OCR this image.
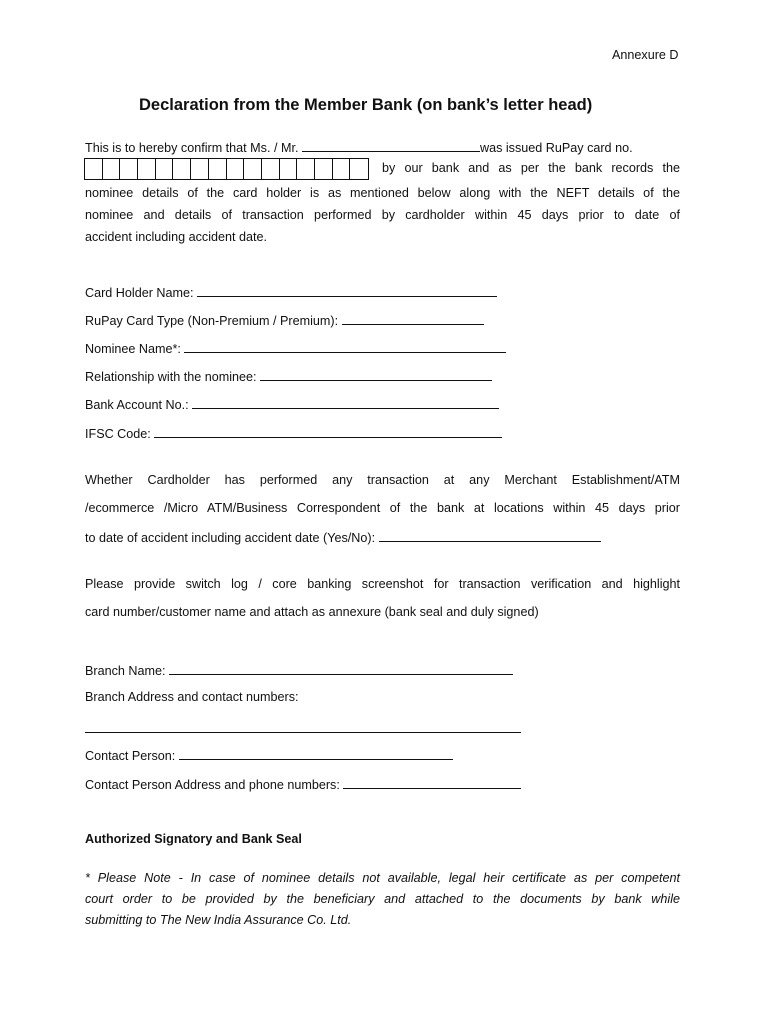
Annexure D
Declaration from the Member Bank (on bank’s letter head)
This is to hereby confirm that Ms. / Mr.	was issued RuPay card no.
by our bank and as per the bank records the
nominee details of the card holder is as mentioned below along with the NEFT details of the
nominee and details of transaction performed by cardholder within 45 days prior to date of
accident including accident date.
Card Holder Name:
RuPay Card Type (Non-Premium / Premium):
Nominee Name*:
Relationship with the nominee:
Bank Account No.:
IFSC Code:
Whether Cardholder has performed any transaction at any Merchant Establishment/ATM
/ecommerce /Micro ATM/Business Correspondent of the bank at locations within 45 days prior
to date of accident including accident date (Yes/No):
Please provide switch log / core banking screenshot for transaction verification and highlight
card number/customer name and attach as annexure (bank seal and duly signed)
Branch Name:
Branch Address and contact numbers:
Contact Person:
Contact Person Address and phone numbers:
Authorized Signatory and Bank Seal
* Please Note - In case of nominee details not available, legal heir certificate as per competent
court order to be provided by the beneficiary and attached to the documents by bank while
submitting to The New India Assurance Co. Ltd.
